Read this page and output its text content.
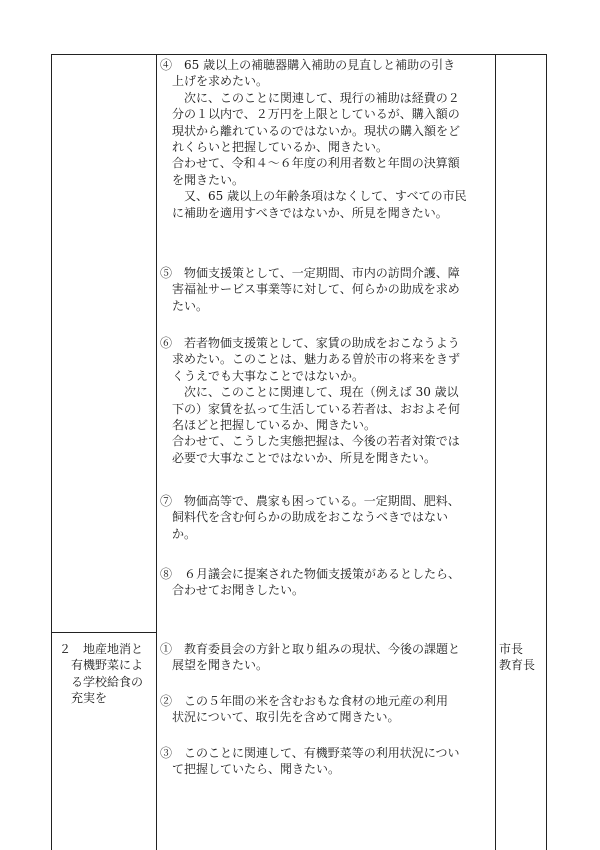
④　65 歳以上の補聴器購入補助の見直しと補助の引き
　上げを求めたい。
　　次に、このことに関連して、現行の補助は経費の２
　分の１以内で、２万円を上限としているが、購入額の
　現状から離れているのではないか。現状の購入額をど
　れくらいと把握しているか、聞きたい。
　合わせて、令和４～６年度の利用者数と年間の決算額
　を聞きたい。
　　又、65 歳以上の年齢条項はなくして、すべての市民
　に補助を適用すべきではないか、所見を聞きたい。
⑤　物価支援策として、一定期間、市内の訪問介護、障
　害福祉サービス事業等に対して、何らかの助成を求め
　たい。
⑥　若者物価支援策として、家賃の助成をおこなうよう
　求めたい。このことは、魅力ある曽於市の将来をきず
　くうえでも大事なことではないか。
　　次に、このことに関連して、現在（例えば 30 歳以
　下の）家賃を払って生活している若者は、おおよそ何
　名ほどと把握しているか、聞きたい。
　合わせて、こうした実態把握は、今後の若者対策では
　必要で大事なことではないか、所見を聞きたい。
⑦　物価高等で、農家も困っている。一定期間、肥料、
　飼料代を含む何らかの助成をおこなうべきではない
　か。
⑧　６月議会に提案された物価支援策があるとしたら、
　合わせてお聞きしたい。
２　地産地消と
　有機野菜によ
　る学校給食の
　充実を
①　教育委員会の方針と取り組みの現状、今後の課題と
　展望を聞きたい。
②　この５年間の米を含むおもな食材の地元産の利用
　状況について、取引先を含めて聞きたい。
③　このことに関連して、有機野菜等の利用状況につい
　て把握していたら、聞きたい。
市長
教育長
